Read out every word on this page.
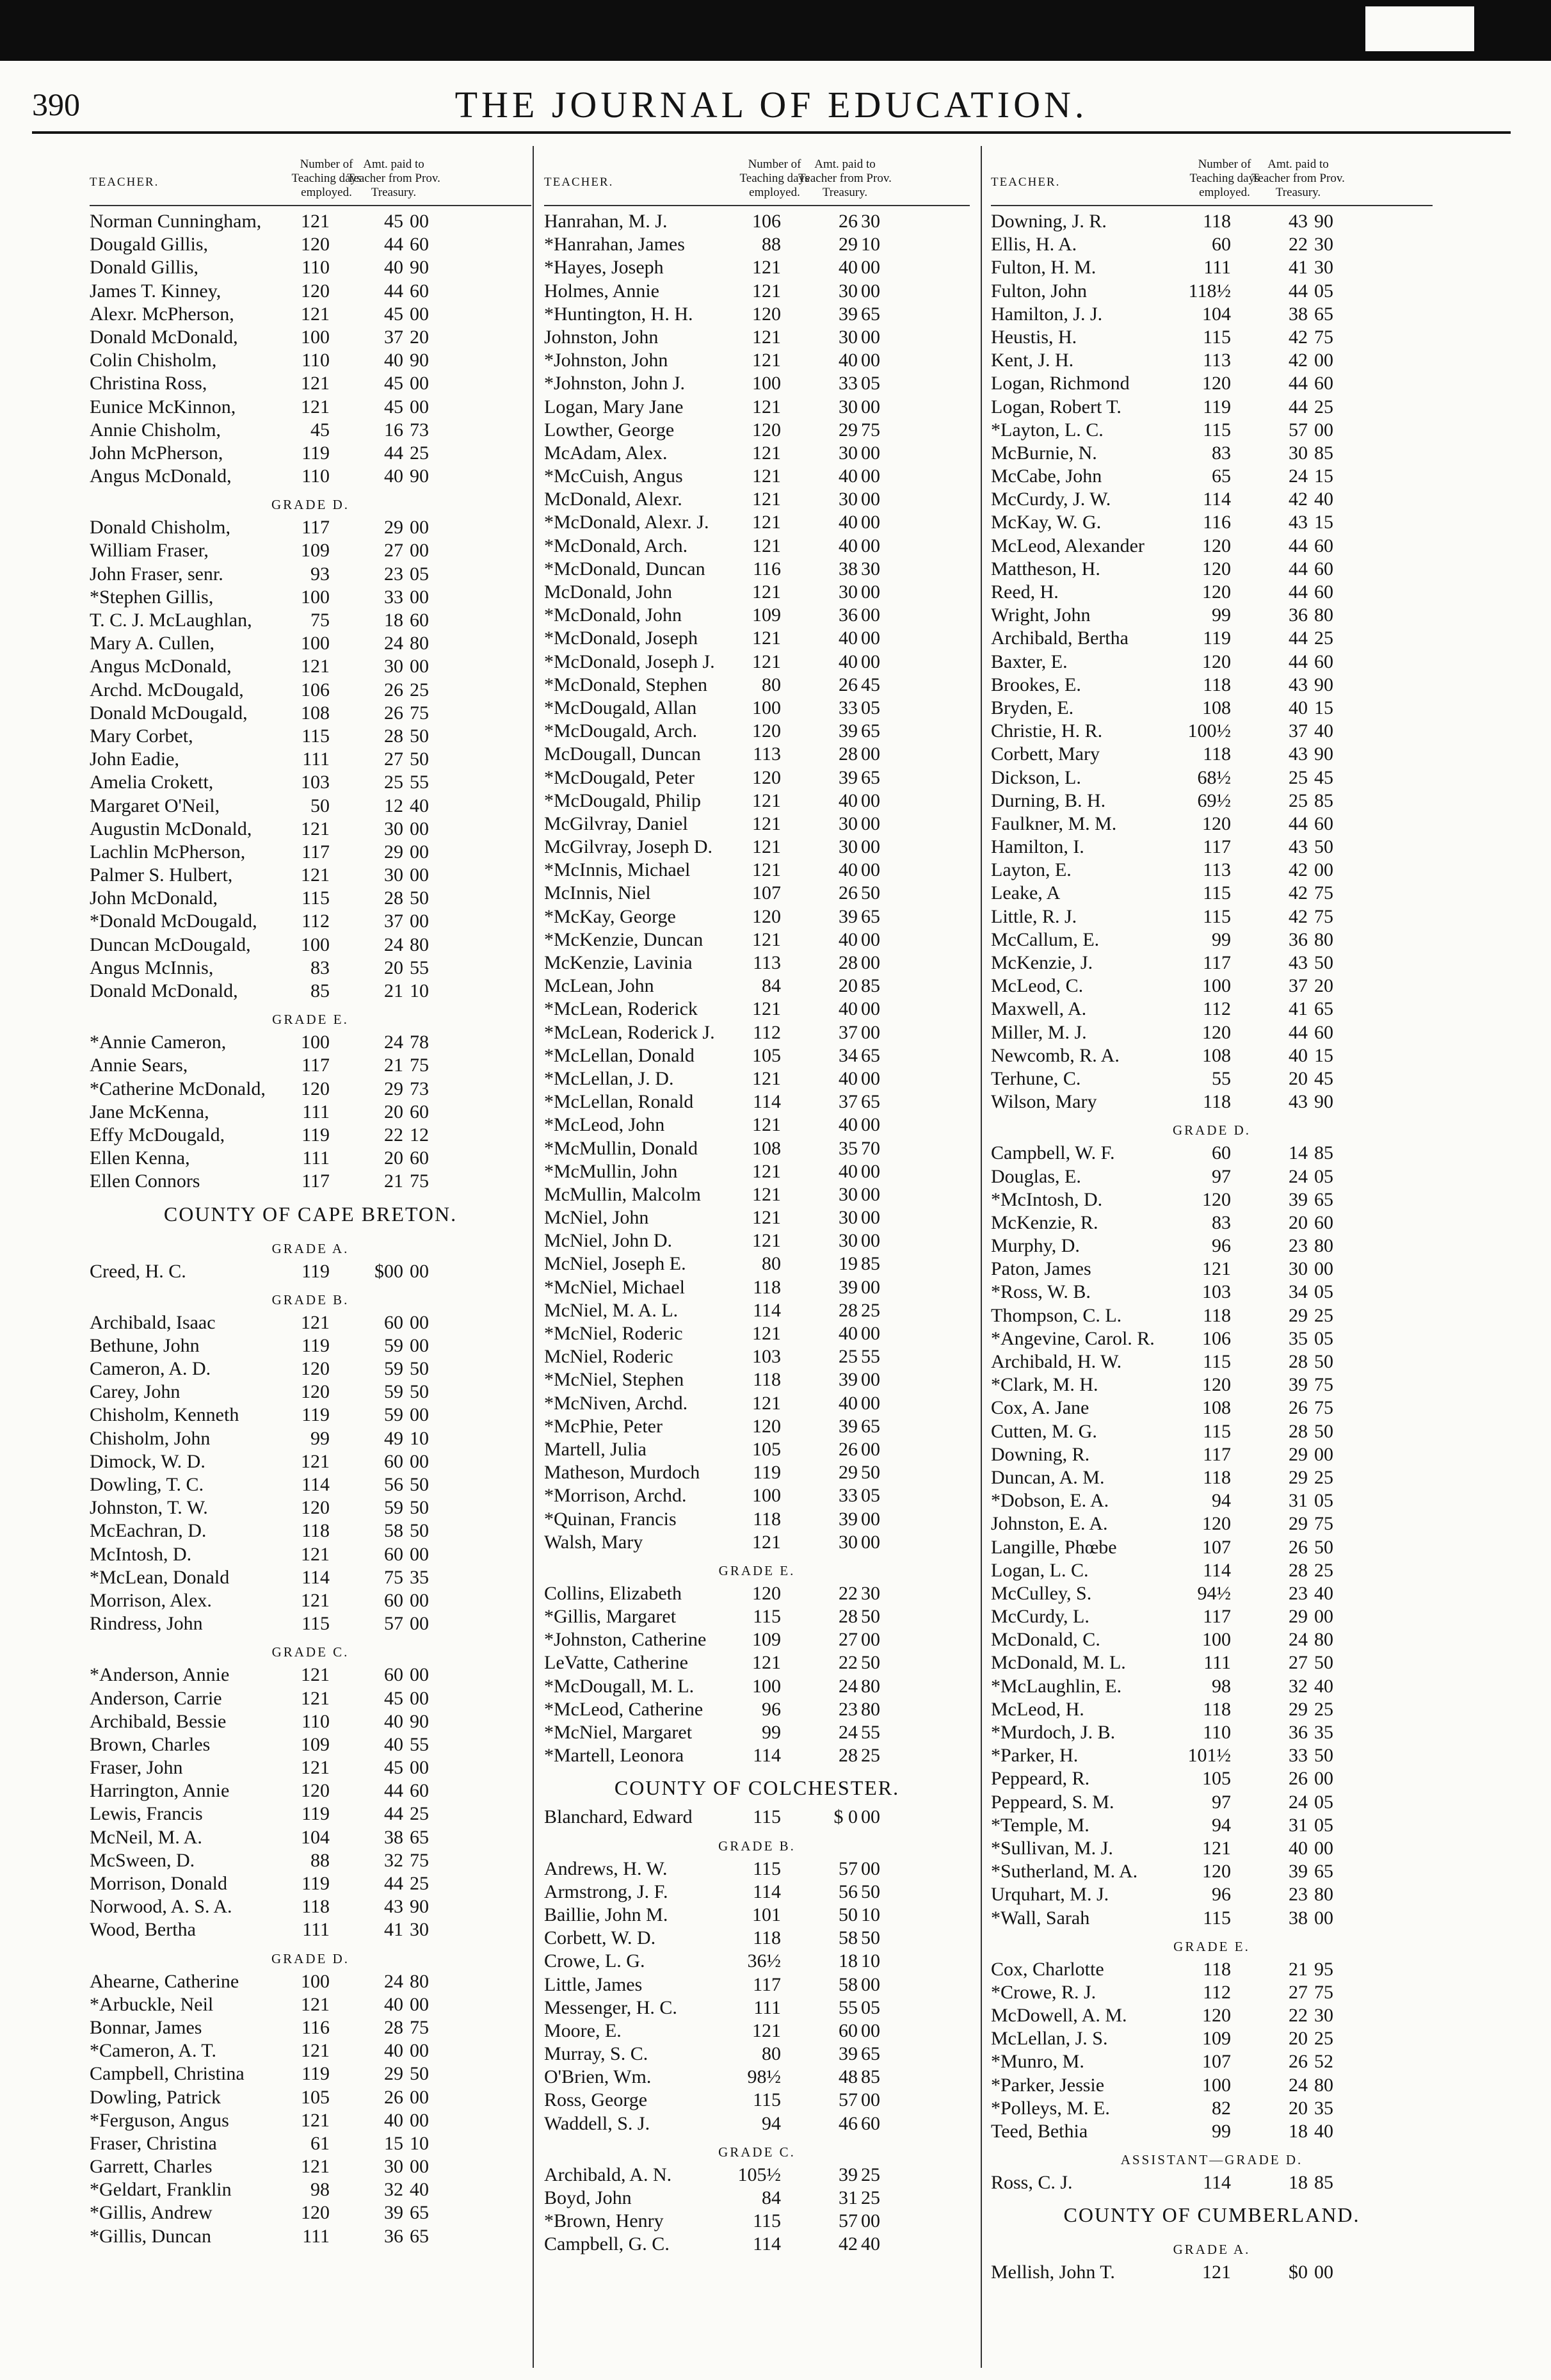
390	THE JOURNAL OF EDUCATION.
TEACHER.
Number of Teaching days employed.
Amt. paid to Teacher from Prov. Treasury.
Norman Cunningham,	121	45 00
Dougald Gillis,	120	44 60
Donald Gillis,	110	40 90
James T. Kinney,	120	44 60
Alexr. McPherson,	121	45 00
Donald McDonald,	100	37 20
Colin Chisholm,	110	40 90
Christina Ross,	121	45 00
Eunice McKinnon,	121	45 00
Annie Chisholm,	45	16 73
John McPherson,	119	44 25
Angus McDonald,	110	40 90
GRADE D.
Donald Chisholm,	117	29 00
William Fraser,	109	27 00
John Fraser, senr.	93	23 05
*Stephen Gillis,	100	33 00
T. C. J. McLaughlan,	75	18 60
Mary A. Cullen,	100	24 80
Angus McDonald,	121	30 00
Archd. McDougald,	106	26 25
Donald McDougald,	108	26 75
Mary Corbet,	115	28 50
John Eadie,	111	27 50
Amelia Crokett,	103	25 55
Margaret O'Neil,	50	12 40
Augustin McDonald,	121	30 00
Lachlin McPherson,	117	29 00
Palmer S. Hulbert,	121	30 00
John McDonald,	115	28 50
*Donald McDougald,	112	37 00
Duncan McDougald,	100	24 80
Angus McInnis,	83	20 55
Donald McDonald,	85	21 10
GRADE E.
*Annie Cameron,	100	24 78
Annie Sears,	117	21 75
*Catherine McDonald,	120	29 73
Jane McKenna,	111	20 60
Effy McDougald,	119	22 12
Ellen Kenna,	111	20 60
Ellen Connors	117	21 75
COUNTY OF CAPE BRETON.
GRADE A.
Creed, H. C.	119	$00 00
GRADE B.
Archibald, Isaac	121	60 00
Bethune, John	119	59 00
Cameron, A. D.	120	59 50
Carey, John	120	59 50
Chisholm, Kenneth	119	59 00
Chisholm, John	99	49 10
Dimock, W. D.	121	60 00
Dowling, T. C.	114	56 50
Johnston, T. W.	120	59 50
McEachran, D.	118	58 50
McIntosh, D.	121	60 00
*McLean, Donald	114	75 35
Morrison, Alex.	121	60 00
Rindress, John	115	57 00
GRADE C.
*Anderson, Annie	121	60 00
Anderson, Carrie	121	45 00
Archibald, Bessie	110	40 90
Brown, Charles	109	40 55
Fraser, John	121	45 00
Harrington, Annie	120	44 60
Lewis, Francis	119	44 25
McNeil, M. A.	104	38 65
McSween, D.	88	32 75
Morrison, Donald	119	44 25
Norwood, A. S. A.	118	43 90
Wood, Bertha	111	41 30
GRADE D.
Ahearne, Catherine	100	24 80
*Arbuckle, Neil	121	40 00
Bonnar, James	116	28 75
*Cameron, A. T.	121	40 00
Campbell, Christina	119	29 50
Dowling, Patrick	105	26 00
*Ferguson, Angus	121	40 00
Fraser, Christina	61	15 10
Garrett, Charles	121	30 00
*Geldart, Franklin	98	32 40
*Gillis, Andrew	120	39 65
*Gillis, Duncan	111	36 65
TEACHER.
Number of Teaching days employed.
Amt. paid to Teacher from Prov. Treasury.
Hanrahan, M. J.	106	26 30
*Hanrahan, James	88	29 10
*Hayes, Joseph	121	40 00
Holmes, Annie	121	30 00
*Huntington, H. H.	120	39 65
Johnston, John	121	30 00
*Johnston, John	121	40 00
*Johnston, John J.	100	33 05
Logan, Mary Jane	121	30 00
Lowther, George	120	29 75
McAdam, Alex.	121	30 00
*McCuish, Angus	121	40 00
McDonald, Alexr.	121	30 00
*McDonald, Alexr. J.	121	40 00
*McDonald, Arch.	121	40 00
*McDonald, Duncan	116	38 30
McDonald, John	121	30 00
*McDonald, John	109	36 00
*McDonald, Joseph	121	40 00
*McDonald, Joseph J.	121	40 00
*McDonald, Stephen	80	26 45
*McDougald, Allan	100	33 05
*McDougald, Arch.	120	39 65
McDougall, Duncan	113	28 00
*McDougald, Peter	120	39 65
*McDougald, Philip	121	40 00
McGilvray, Daniel	121	30 00
McGilvray, Joseph D.	121	30 00
*McInnis, Michael	121	40 00
McInnis, Niel	107	26 50
*McKay, George	120	39 65
*McKenzie, Duncan	121	40 00
McKenzie, Lavinia	113	28 00
McLean, John	84	20 85
*McLean, Roderick	121	40 00
*McLean, Roderick J.	112	37 00
*McLellan, Donald	105	34 65
*McLellan, J. D.	121	40 00
*McLellan, Ronald	114	37 65
*McLeod, John	121	40 00
*McMullin, Donald	108	35 70
*McMullin, John	121	40 00
McMullin, Malcolm	121	30 00
McNiel, John	121	30 00
McNiel, John D.	121	30 00
McNiel, Joseph E.	80	19 85
*McNiel, Michael	118	39 00
McNiel, M. A. L.	114	28 25
*McNiel, Roderic	121	40 00
McNiel, Roderic	103	25 55
*McNiel, Stephen	118	39 00
*McNiven, Archd.	121	40 00
*McPhie, Peter	120	39 65
Martell, Julia	105	26 00
Matheson, Murdoch	119	29 50
*Morrison, Archd.	100	33 05
*Quinan, Francis	118	39 00
Walsh, Mary	121	30 00
GRADE E.
Collins, Elizabeth	120	22 30
*Gillis, Margaret	115	28 50
*Johnston, Catherine	109	27 00
LeVatte, Catherine	121	22 50
*McDougall, M. L.	100	24 80
*McLeod, Catherine	96	23 80
*McNiel, Margaret	99	24 55
*Martell, Leonora	114	28 25
COUNTY OF COLCHESTER.
Blanchard, Edward	115	$ 0 00
GRADE B.
Andrews, H. W.	115	57 00
Armstrong, J. F.	114	56 50
Baillie, John M.	101	50 10
Corbett, W. D.	118	58 50
Crowe, L. G.	36½	18 10
Little, James	117	58 00
Messenger, H. C.	111	55 05
Moore, E.	121	60 00
Murray, S. C.	80	39 65
O'Brien, Wm.	98½	48 85
Ross, George	115	57 00
Waddell, S. J.	94	46 60
GRADE C.
Archibald, A. N.	105½	39 25
Boyd, John	84	31 25
*Brown, Henry	115	57 00
Campbell, G. C.	114	42 40
TEACHER.
Number of Teaching days employed.
Amt. paid to Teacher from Prov. Treasury.
Downing, J. R.	118	43 90
Ellis, H. A.	60	22 30
Fulton, H. M.	111	41 30
Fulton, John	118½	44 05
Hamilton, J. J.	104	38 65
Heustis, H.	115	42 75
Kent, J. H.	113	42 00
Logan, Richmond	120	44 60
Logan, Robert T.	119	44 25
*Layton, L. C.	115	57 00
McBurnie, N.	83	30 85
McCabe, John	65	24 15
McCurdy, J. W.	114	42 40
McKay, W. G.	116	43 15
McLeod, Alexander	120	44 60
Mattheson, H.	120	44 60
Reed, H.	120	44 60
Wright, John	99	36 80
Archibald, Bertha	119	44 25
Baxter, E.	120	44 60
Brookes, E.	118	43 90
Bryden, E.	108	40 15
Christie, H. R.	100½	37 40
Corbett, Mary	118	43 90
Dickson, L.	68½	25 45
Durning, B. H.	69½	25 85
Faulkner, M. M.	120	44 60
Hamilton, I.	117	43 50
Layton, E.	113	42 00
Leake, A	115	42 75
Little, R. J.	115	42 75
McCallum, E.	99	36 80
McKenzie, J.	117	43 50
McLeod, C.	100	37 20
Maxwell, A.	112	41 65
Miller, M. J.	120	44 60
Newcomb, R. A.	108	40 15
Terhune, C.	55	20 45
Wilson, Mary	118	43 90
GRADE D.
Campbell, W. F.	60	14 85
Douglas, E.	97	24 05
*McIntosh, D.	120	39 65
McKenzie, R.	83	20 60
Murphy, D.	96	23 80
Paton, James	121	30 00
*Ross, W. B.	103	34 05
Thompson, C. L.	118	29 25
*Angevine, Carol. R.	106	35 05
Archibald, H. W.	115	28 50
*Clark, M. H.	120	39 75
Cox, A. Jane	108	26 75
Cutten, M. G.	115	28 50
Downing, R.	117	29 00
Duncan, A. M.	118	29 25
*Dobson, E. A.	94	31 05
Johnston, E. A.	120	29 75
Langille, Phœbe	107	26 50
Logan, L. C.	114	28 25
McCulley, S.	94½	23 40
McCurdy, L.	117	29 00
McDonald, C.	100	24 80
McDonald, M. L.	111	27 50
*McLaughlin, E.	98	32 40
McLeod, H.	118	29 25
*Murdoch, J. B.	110	36 35
*Parker, H.	101½	33 50
Peppeard, R.	105	26 00
Peppeard, S. M.	97	24 05
*Temple, M.	94	31 05
*Sullivan, M. J.	121	40 00
*Sutherland, M. A.	120	39 65
Urquhart, M. J.	96	23 80
*Wall, Sarah	115	38 00
GRADE E.
Cox, Charlotte	118	21 95
*Crowe, R. J.	112	27 75
McDowell, A. M.	120	22 30
McLellan, J. S.	109	20 25
*Munro, M.	107	26 52
*Parker, Jessie	100	24 80
*Polleys, M. E.	82	20 35
Teed, Bethia	99	18 40
ASSISTANT—GRADE D.
Ross, C. J.	114	18 85
COUNTY OF CUMBERLAND.
GRADE A.
Mellish, John T.	121	$0 00
